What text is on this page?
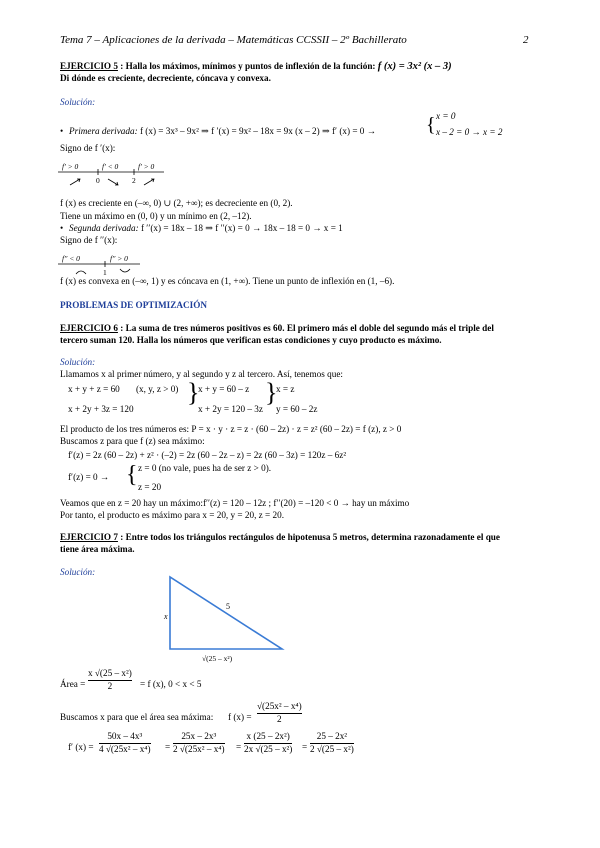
Tema 7 – Aplicaciones de la derivada – Matemáticas CCSSII – 2º Bachillerato	2
EJERCICIO 5 : Halla los máximos, mínimos y puntos de inflexión de la función: f (x) = 3x² (x – 3)
Di dónde es creciente, decreciente, cóncava y convexa.
Solución:
• Primera derivada: f (x) = 3x³ – 9x² ⇒ f ′(x) = 9x² – 18x = 9x (x – 2) ⇒ f′ (x) = 0 →	{ x = 0
x – 2 = 0 → x = 2
Signo de f ′(x):
f′ > 0	f′ < 0	f′ > 0
0	2
f (x) es creciente en (–∞, 0) ∪ (2, +∞); es decreciente en (0, 2).
Tiene un máximo en (0, 0) y un mínimo en (2, –12).
• Segunda derivada: f ′′(x) = 18x – 18 ⇒ f ′′(x) = 0 → 18x – 18 = 0 → x = 1
Signo de f ′′(x):
f′′ < 0	f′′ > 0
1
f (x) es convexa en (–∞, 1) y es cóncava en (1, +∞). Tiene un punto de inflexión en (1, –6).
PROBLEMAS DE OPTIMIZACIÓN
EJERCICIO 6 : La suma de tres números positivos es 60. El primero más el doble del segundo más el triple del
tercero suman 120. Halla los números que verifican estas condiciones y cuyo producto es máximo.
Solución:
Llamamos x al primer número, y al segundo y z al tercero. Así, tenemos que:
x + y + z = 60 (x, y, z > 0)
x + 2y + 3z = 120
}
x + y = 60 – z
x + 2y = 120 – 3z
}
x = z
y = 60 – 2z
El producto de los tres números es: P = x · y · z = z · (60 – 2z) · z = z² (60 – 2z) = f (z), z > 0
Buscamos z para que f (z) sea máximo:
f′(z) = 2z (60 – 2z) + z² · (–2) = 2z (60 – 2z – z) = 2z (60 – 3z) = 120z – 6z²
f′(z) = 0 → { z = 0 (no vale, pues ha de ser z > 0).
z = 20
Veamos que en z = 20 hay un máximo:f′′(z) = 120 – 12z ; f′′(20) = –120 < 0 → hay un máximo
Por tanto, el producto es máximo para x = 20, y = 20, z = 20.
EJERCICIO 7 : Entre todos los triángulos rectángulos de hipotenusa 5 metros, determina razonadamente el que
tiene área máxima.
Solución:
x
5
√(25 – x²)
Área =
x √(25 – x²)
2	= f (x), 0 < x < 5
Buscamos x para que el área sea máxima: f (x) =
√(25x² – x⁴)
2
f′ (x) =
50x – 4x³
4 √(25x² – x⁴) =
25x – 2x³
2 √(25x² – x⁴) =
x (25 – 2x²)
2x √(25 – x²) =
25 – 2x²
2 √(25 – x²)
